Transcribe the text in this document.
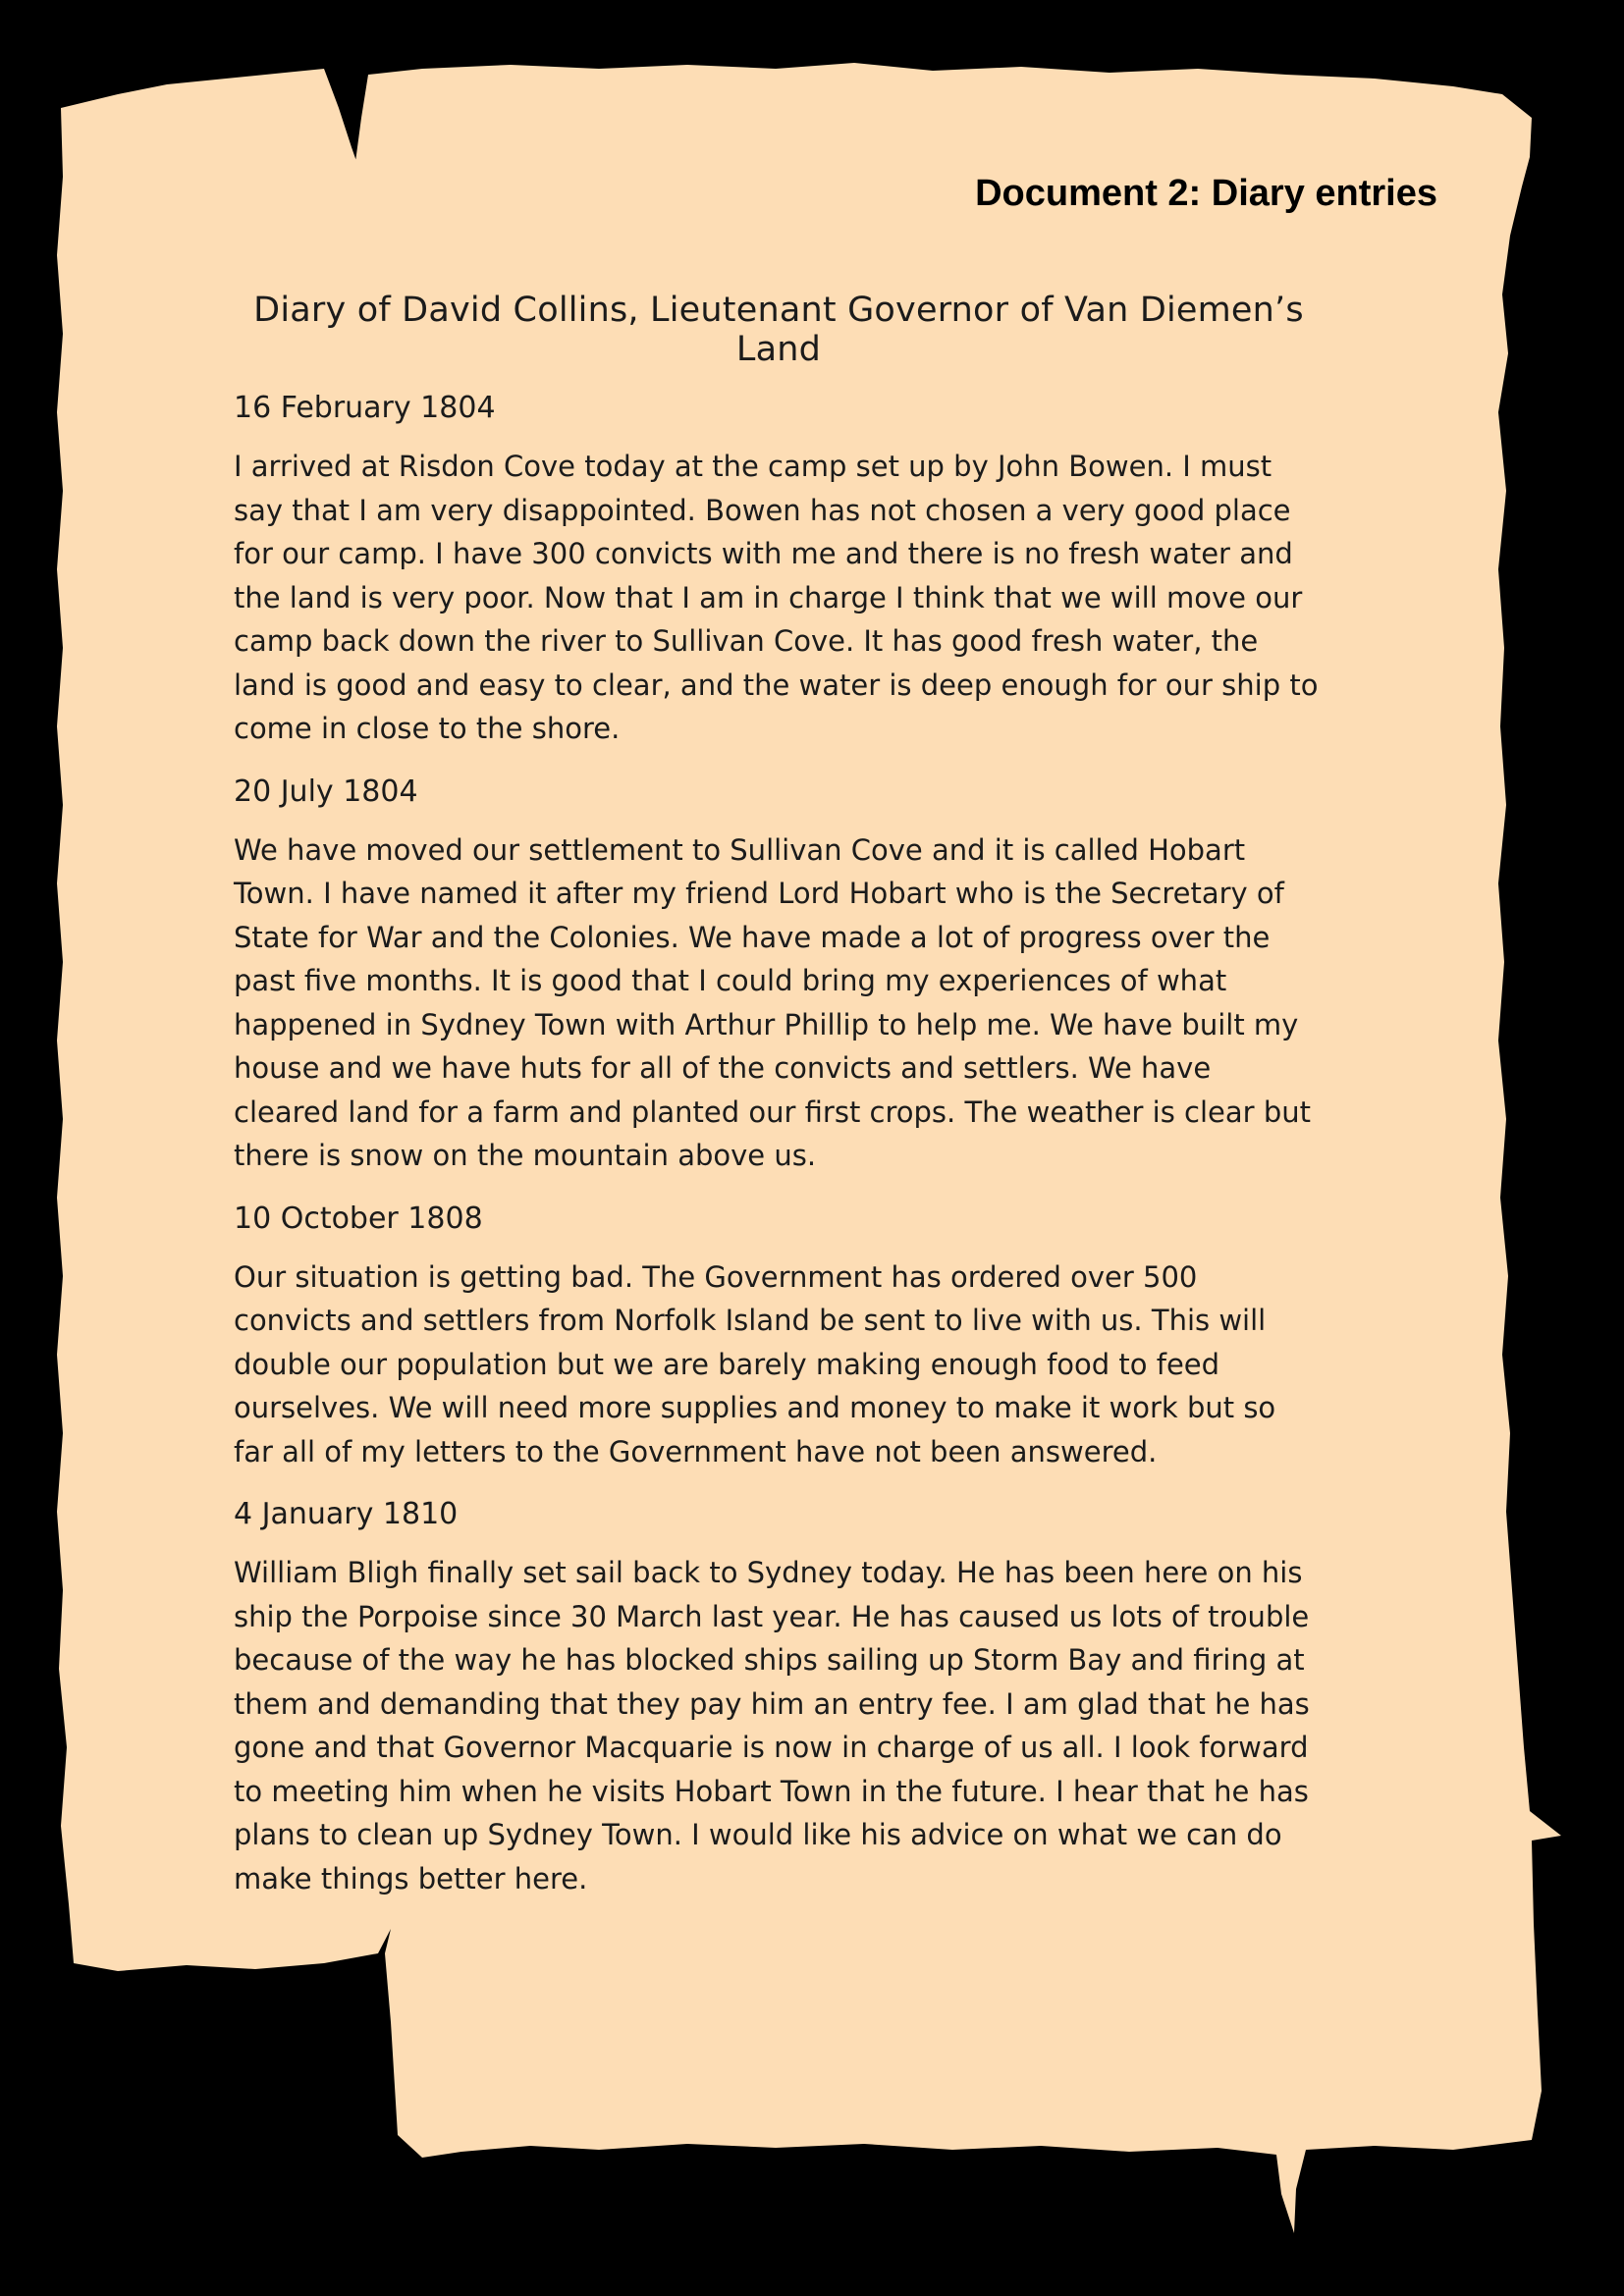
Document 2: Diary entries
Diary of David Collins, Lieutenant Governor of Van Diemen’s Land

16 February 1804

I arrived at Risdon Cove today at the camp set up by John Bowen. I must say that I am very disappointed. Bowen has not chosen a very good place for our camp. I have 300 convicts with me and there is no fresh water and the land is very poor. Now that I am in charge I think that we will move our camp back down the river to Sullivan Cove. It has good fresh water, the land is good and easy to clear, and the water is deep enough for our ship to come in close to the shore.

20 July 1804

We have moved our settlement to Sullivan Cove and it is called Hobart Town. I have named it after my friend Lord Hobart who is the Secretary of State for War and the Colonies. We have made a lot of progress over the past five months. It is good that I could bring my experiences of what happened in Sydney Town with Arthur Phillip to help me. We have built my house and we have huts for all of the convicts and settlers. We have cleared land for a farm and planted our first crops. The weather is clear but there is snow on the mountain above us.

10 October 1808

Our situation is getting bad. The Government has ordered over 500 convicts and settlers from Norfolk Island be sent to live with us. This will double our population but we are barely making enough food to feed ourselves. We will need more supplies and money to make it work but so far all of my letters to the Government have not been answered.

4 January 1810

William Bligh finally set sail back to Sydney today. He has been here on his ship the Porpoise since 30 March last year. He has caused us lots of trouble because of the way he has blocked ships sailing up Storm Bay and firing at them and demanding that they pay him an entry fee. I am glad that he has gone and that Governor Macquarie is now in charge of us all. I look forward to meeting him when he visits Hobart Town in the future. I hear that he has plans to clean up Sydney Town. I would like his advice on what we can do make things better here.
